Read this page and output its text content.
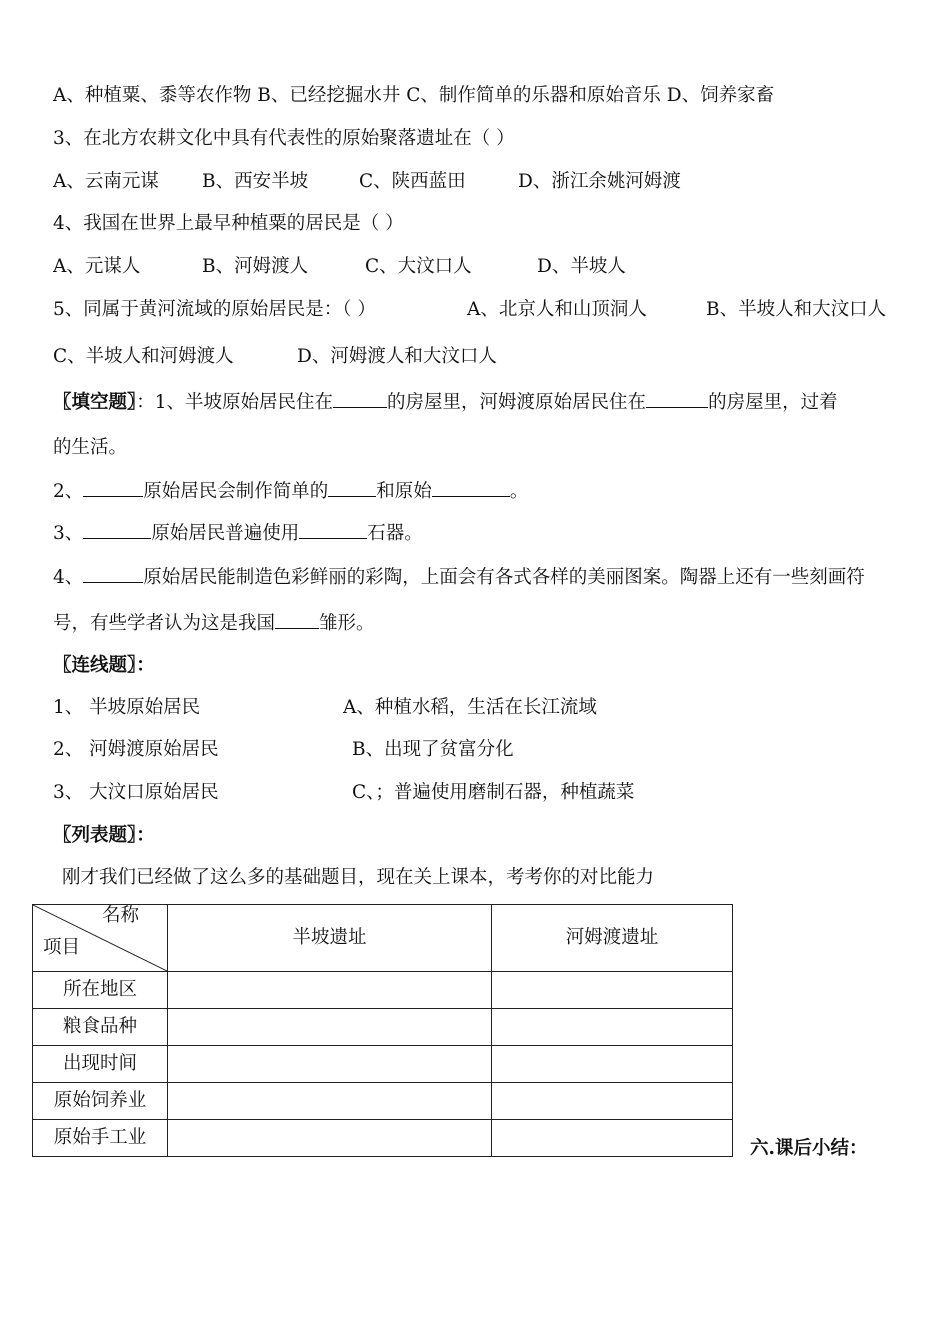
A、种植粟、黍等农作物 B、已经挖掘水井 C、制作简单的乐器和原始音乐 D、饲养家畜
3、在北方农耕文化中具有代表性的原始聚落遗址在（ ）
A、云南元谋 B、西安半坡	C、陕西蓝田	D、浙江余姚河姆渡
4、我国在世界上最早种植粟的居民是（ ）
A、元谋人	B、河姆渡人	C、大汶口人	D、半坡人
5、同属于黄河流域的原始居民是：（ ）	A、北京人和山顶洞人	B、半坡人和大汶口人
C、半坡人和河姆渡人	D、河姆渡人和大汶口人
〖填空题〗：1、半坡原始居民住在	的房屋里，河姆渡原始居民住在	的房屋里，过着
的生活。
2、	原始居民会制作简单的	和原始	。
3、	原始居民普遍使用	石器。
4、	原始居民能制造色彩鲜丽的彩陶，上面会有各式各样的美丽图案。陶器上还有一些刻画符
号，有些学者认为这是我国 雏形。
〖连线题〗：
1、 半坡原始居民	A、种植水稻，生活在长江流域
2、 河姆渡原始居民	B、出现了贫富分化
3、 大汶口原始居民	C、；普遍使用磨制石器，种植蔬菜
〖列表题〗：
刚才我们已经做了这么多的基础题目，现在关上课本，考考你的对比能力
名称
项目	半坡遗址	河姆渡遗址
所在地区		
粮食品种		
出现时间		
原始饲养业		
原始手工业		
六.课后小结：
